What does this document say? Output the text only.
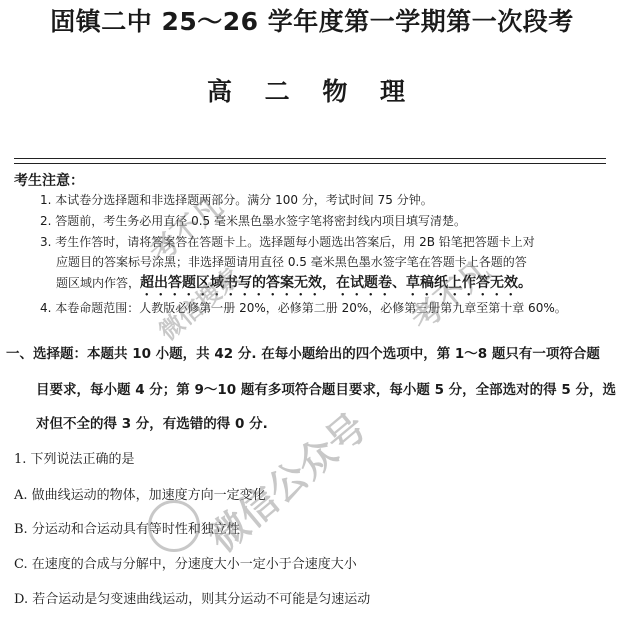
固镇二中 25～26 学年度第一学期第一次段考
高 二 物 理
考生注意：
1. 本试卷分选择题和非选择题两部分。满分 100 分，考试时间 75 分钟。
2. 答题前，考生务必用直径 0.5 毫米黑色墨水签字笔将密封线内项目填写清楚。
3. 考生作答时，请将答案答在答题卡上。选择题每小题选出答案后，用 2B 铅笔把答题卡上对
应题目的答案标号涂黑；非选择题请用直径 0.5 毫米黑色墨水签字笔在答题卡上各题的答
题区域内作答，超出答题区域书写的答案无效，在试题卷、草稿纸上作答无效。
4. 本卷命题范围：人教版必修第一册 20%，必修第二册 20%，必修第三册第九章至第十章 60%。
一、选择题：本题共 10 小题，共 42 分. 在每小题给出的四个选项中，第 1～8 题只有一项符合题
目要求，每小题 4 分；第 9～10 题有多项符合题目要求，每小题 5 分，全部选对的得 5 分，选
对但不全的得 3 分，有选错的得 0 分.
1. 下列说法正确的是
A. 做曲线运动的物体，加速度方向一定变化
B. 分运动和合运动具有等时性和独立性
C. 在速度的合成与分解中，分速度大小一定小于合速度大小
D. 若合运动是匀变速曲线运动，则其分运动不可能是匀速运动
考不凡
微信搜索
微信公众号
考不凡
